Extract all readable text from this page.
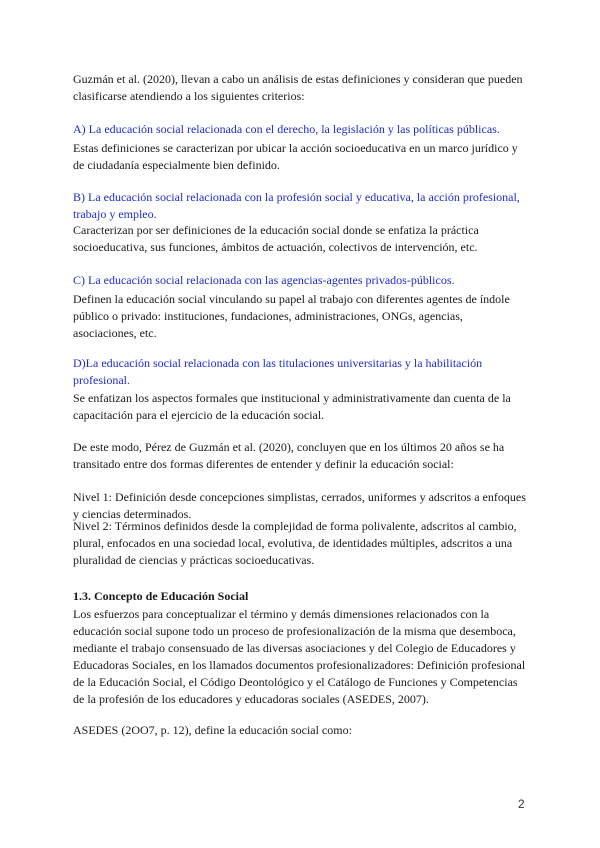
Guzmán et al. (2020), llevan a cabo un análisis de estas definiciones y consideran que pueden clasificarse atendiendo a los siguientes criterios:

A) La educación social relacionada con el derecho, la legislación y las políticas públicas.

Estas definiciones se caracterizan por ubicar la acción socioeducativa en un marco jurídico y de ciudadanía especialmente bien definido.

B) La educación social relacionada con la profesión social y educativa, la acción profesional, trabajo y empleo.

Caracterizan por ser definiciones de la educación social donde se enfatiza la práctica socioeducativa, sus funciones, ámbitos de actuación, colectivos de intervención, etc.

C) La educación social relacionada con las agencias-agentes privados-públicos.

Definen la educación social vinculando su papel al trabajo con diferentes agentes de índole público o privado: instituciones, fundaciones, administraciones, ONGs, agencias, asociaciones, etc.

D)La educación social relacionada con las titulaciones universitarias y la habilitación profesional.

Se enfatizan los aspectos formales que institucional y administrativamente dan cuenta de la capacitación para el ejercicio de la educación social.

De este modo, Pérez de Guzmán et al. (2020), concluyen que en los últimos 20 años se ha transitado entre dos formas diferentes de entender y definir la educación social:

Nivel 1: Definición desde concepciones simplistas, cerrados, uniformes y adscritos a enfoques y ciencias determinados.

Nivel 2: Términos definidos desde la complejidad de forma polivalente, adscritos al cambio, plural, enfocados en una sociedad local, evolutiva, de identidades múltiples, adscritos a una pluralidad de ciencias y prácticas socioeducativas.

1.3. Concepto de Educación Social

Los esfuerzos para conceptualizar el término y demás dimensiones relacionados con la educación social supone todo un proceso de profesionalización de la misma que desemboca, mediante el trabajo consensuado de las diversas asociaciones y del Colegio de Educadores y Educadoras Sociales, en los llamados documentos profesionalizadores: Definición profesional de la Educación Social, el Código Deontológico y el Catálogo de Funciones y Competencias de la profesión de los educadores y educadoras sociales (ASEDES, 2007).

ASEDES (2OO7, p. 12), define la educación social como:

2
